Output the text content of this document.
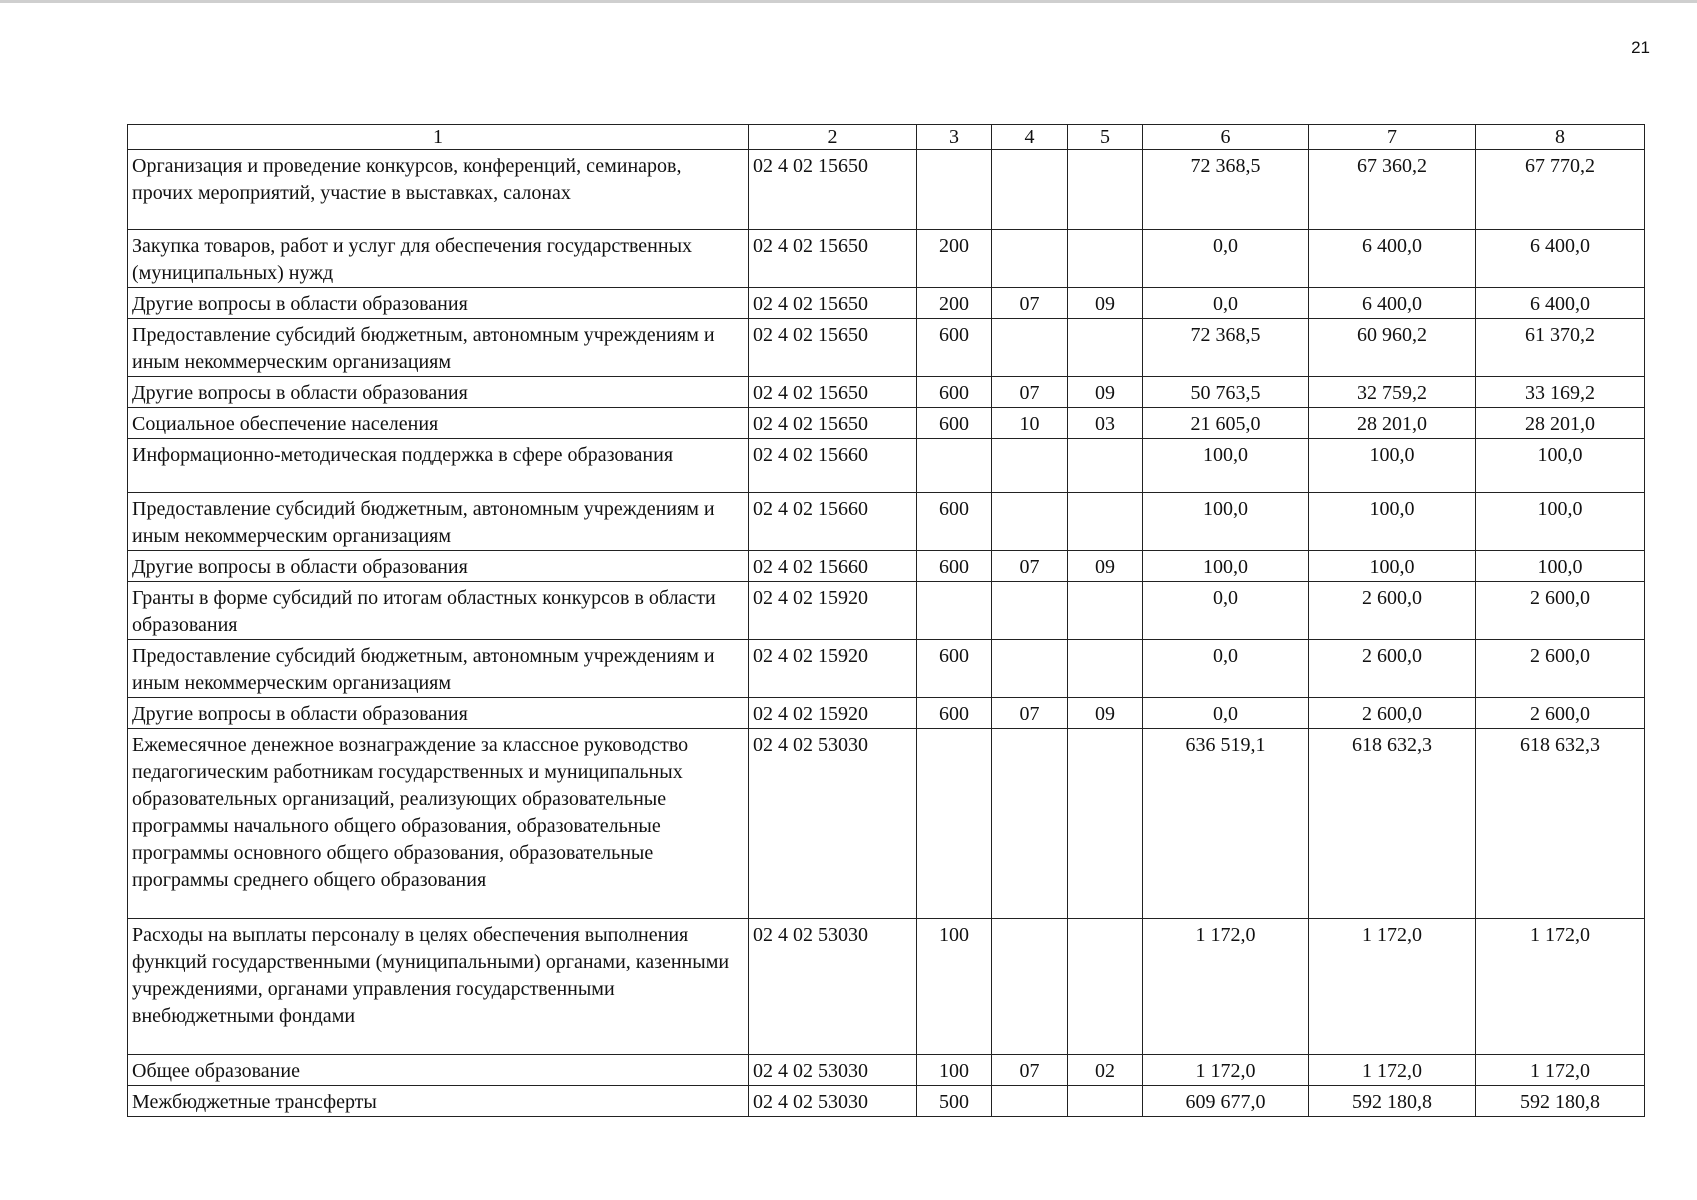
21
1	2	3	4	5	6	7	8
Организация и проведение конкурсов, конференций, семинаров, прочих мероприятий, участие в выставках, салонах	02 4 02 15650				72 368,5	67 360,2	67 770,2
Закупка товаров, работ и услуг для обеспечения государственных (муниципальных) нужд	02 4 02 15650	200			0,0	6 400,0	6 400,0
Другие вопросы в области образования	02 4 02 15650	200	07	09	0,0	6 400,0	6 400,0
Предоставление субсидий бюджетным, автономным учреждениям и иным некоммерческим организациям	02 4 02 15650	600			72 368,5	60 960,2	61 370,2
Другие вопросы в области образования	02 4 02 15650	600	07	09	50 763,5	32 759,2	33 169,2
Социальное обеспечение населения	02 4 02 15650	600	10	03	21 605,0	28 201,0	28 201,0
Информационно-методическая поддержка в сфере образования	02 4 02 15660				100,0	100,0	100,0
Предоставление субсидий бюджетным, автономным учреждениям и иным некоммерческим организациям	02 4 02 15660	600			100,0	100,0	100,0
Другие вопросы в области образования	02 4 02 15660	600	07	09	100,0	100,0	100,0
Гранты в форме субсидий по итогам областных конкурсов в области образования	02 4 02 15920				0,0	2 600,0	2 600,0
Предоставление субсидий бюджетным, автономным учреждениям и иным некоммерческим организациям	02 4 02 15920	600			0,0	2 600,0	2 600,0
Другие вопросы в области образования	02 4 02 15920	600	07	09	0,0	2 600,0	2 600,0
Ежемесячное денежное вознаграждение за классное руководство педагогическим работникам государственных и муниципальных образовательных организаций, реализующих образовательные программы начального общего образования, образовательные программы основного общего образования, образовательные программы среднего общего образования	02 4 02 53030				636 519,1	618 632,3	618 632,3
Расходы на выплаты персоналу в целях обеспечения выполнения функций государственными (муниципальными) органами, казенными учреждениями, органами управления государственными внебюджетными фондами	02 4 02 53030	100			1 172,0	1 172,0	1 172,0
Общее образование	02 4 02 53030	100	07	02	1 172,0	1 172,0	1 172,0
Межбюджетные трансферты	02 4 02 53030	500			609 677,0	592 180,8	592 180,8
